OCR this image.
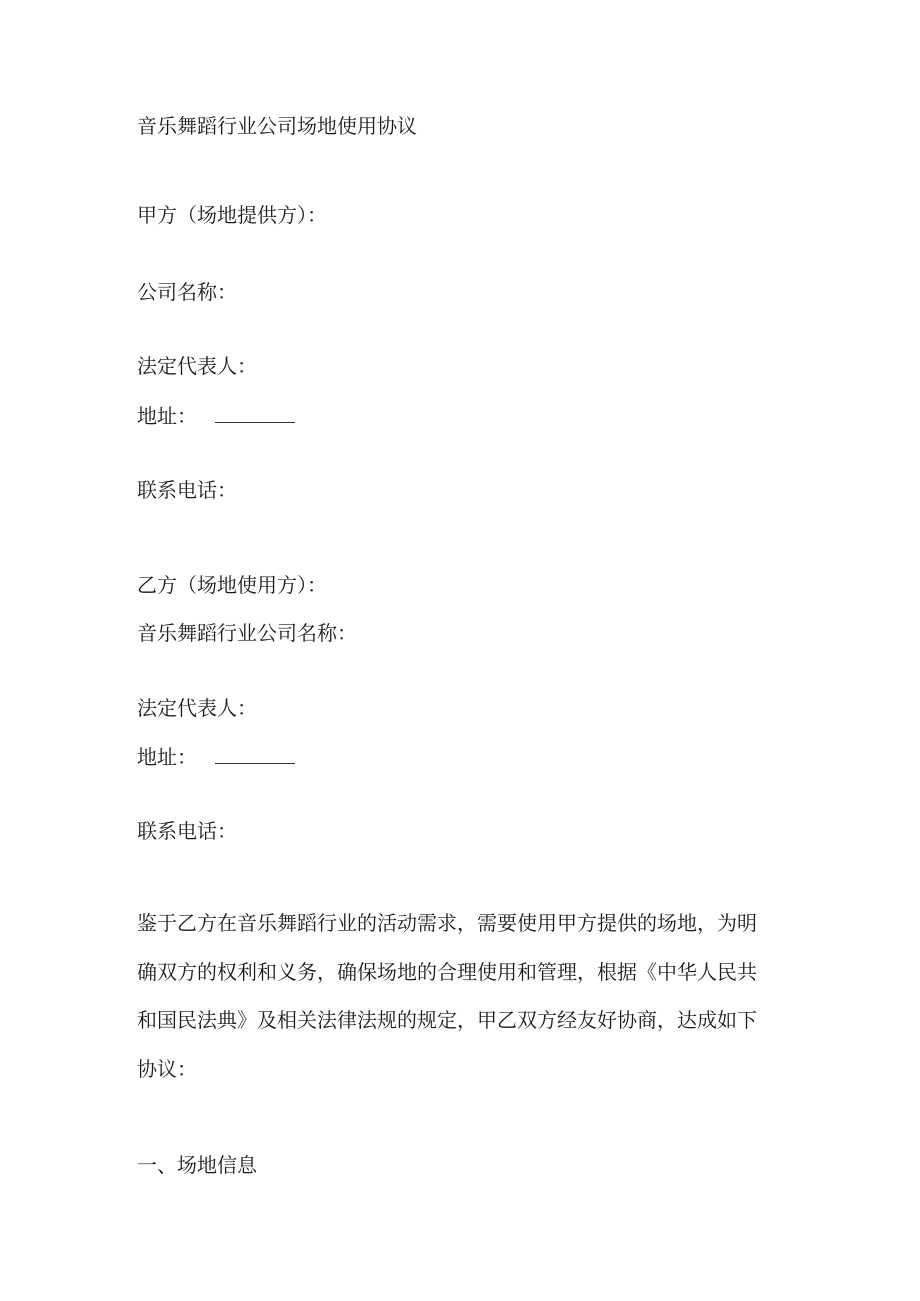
音乐舞蹈行业公司场地使用协议
甲方（场地提供方）：
公司名称：
法定代表人：
地址：
联系电话：
乙方（场地使用方）：
音乐舞蹈行业公司名称：
法定代表人：
地址：
联系电话：
鉴于乙方在音乐舞蹈行业的活动需求，需要使用甲方提供的场地，为明
确双方的权利和义务，确保场地的合理使用和管理，根据《中华人民共
和国民法典》及相关法律法规的规定，甲乙双方经友好协商，达成如下
协议：
一、场地信息
